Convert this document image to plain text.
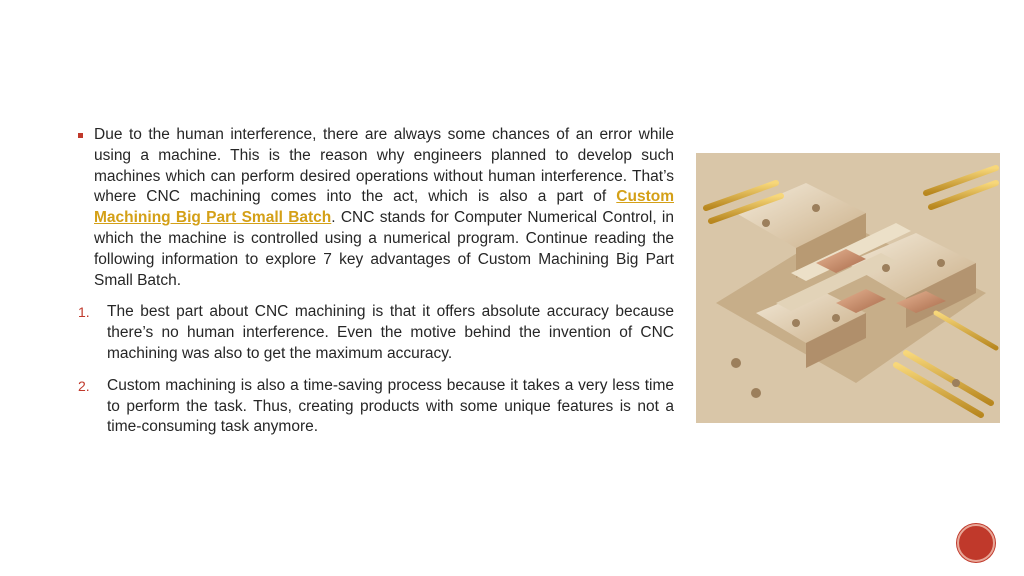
Due to the human interference, there are always some chances of an error while using a machine. This is the reason why engineers planned to develop such machines which can perform desired operations without human interference. That’s where CNC machining comes into the act, which is also a part of Custom Machining Big Part Small Batch. CNC stands for Computer Numerical Control, in which the machine is controlled using a numerical program. Continue reading the following information to explore 7 key advantages of Custom Machining Big Part Small Batch.

1. The best part about CNC machining is that it offers absolute accuracy because there’s no human interference. Even the motive behind the invention of CNC machining was also to get the maximum accuracy.

2. Custom machining is also a time-saving process because it takes a very less time to perform the task. Thus, creating products with some unique features is not a time-consuming task anymore.
